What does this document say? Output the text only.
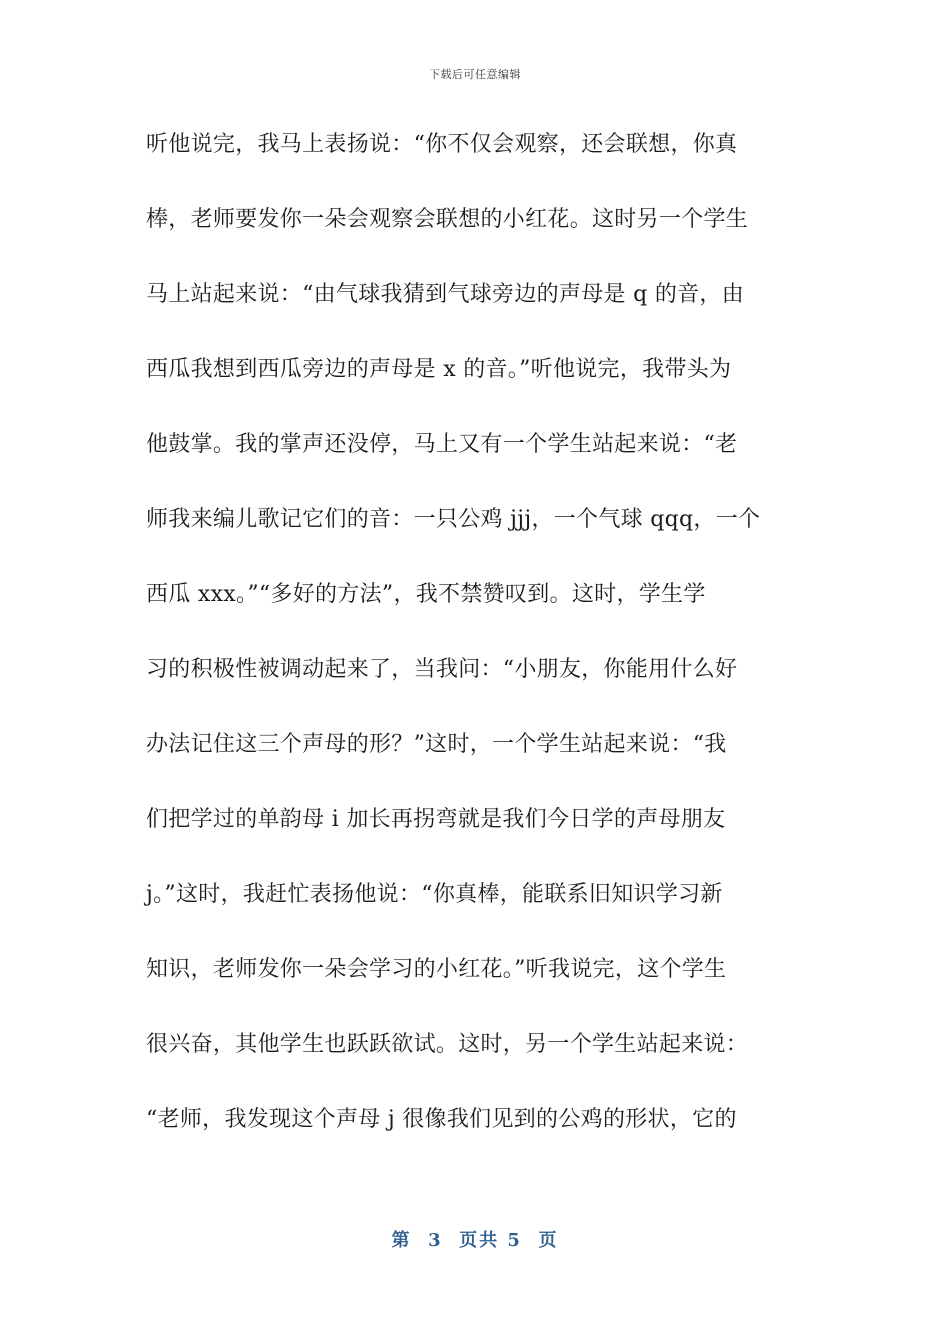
下载后可任意编辑
听他说完，我马上表扬说：“你不仅会观察，还会联想，你真
棒，老师要发你一朵会观察会联想的小红花。这时另一个学生
马上站起来说：“由气球我猜到气球旁边的声母是 q 的音，由
西瓜我想到西瓜旁边的声母是 x 的音。”听他说完，我带头为
他鼓掌。我的掌声还没停，马上又有一个学生站起来说：“老
师我来编儿歌记它们的音：一只公鸡 jjj，一个气球 qqq，一个
西瓜 xxx。”“多好的方法”，我不禁赞叹到。这时，学生学
习的积极性被调动起来了，当我问：“小朋友，你能用什么好
办法记住这三个声母的形？”这时，一个学生站起来说：“我
们把学过的单韵母 i 加长再拐弯就是我们今日学的声母朋友
j。”这时，我赶忙表扬他说：“你真棒，能联系旧知识学习新
知识，老师发你一朵会学习的小红花。”听我说完，这个学生
很兴奋，其他学生也跃跃欲试。这时，另一个学生站起来说：
“老师，我发现这个声母 j 很像我们见到的公鸡的形状，它的
第  3  页共 5  页
